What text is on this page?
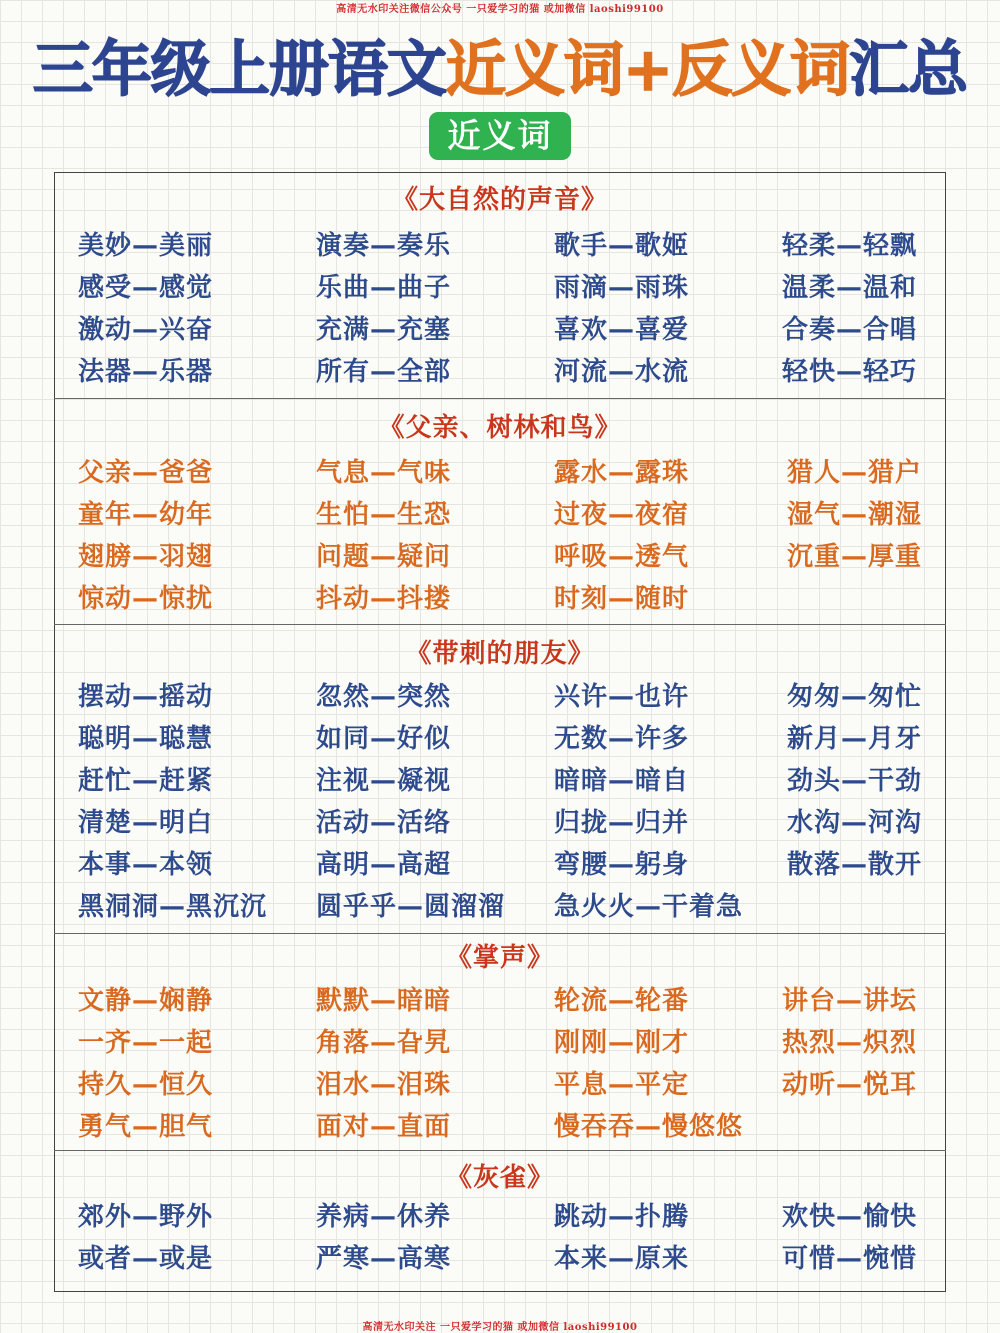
高清无水印关注微信公众号 一只爱学习的猫 或加微信 laoshi99100
三年级上册语文近义词+反义词汇总
近义词
《大自然的声音》
美妙—美丽	演奏—奏乐	歌手—歌姬	轻柔—轻飘
感受—感觉	乐曲—曲子	雨滴—雨珠	温柔—温和
激动—兴奋	充满—充塞	喜欢—喜爱	合奏—合唱
法器—乐器	所有—全部	河流—水流	轻快—轻巧
《父亲、树林和鸟》
父亲—爸爸	气息—气味	露水—露珠	猎人—猎户
童年—幼年	生怕—生恐	过夜—夜宿	湿气—潮湿
翅膀—羽翅	问题—疑问	呼吸—透气	沉重—厚重
惊动—惊扰	抖动—抖搂	时刻—随时
《带刺的朋友》
摆动—摇动	忽然—突然	兴许—也许	匆匆—匆忙
聪明—聪慧	如同—好似	无数—许多	新月—月牙
赶忙—赶紧	注视—凝视	暗暗—暗自	劲头—干劲
清楚—明白	活动—活络	归拢—归并	水沟—河沟
本事—本领	高明—高超	弯腰—躬身	散落—散开
黑洞洞—黑沉沉 圆乎乎—圆溜溜 急火火—干着急
《掌声》
文静—娴静	默默—暗暗	轮流—轮番	讲台—讲坛
一齐—一起	角落—旮旯	刚刚—刚才	热烈—炽烈
持久—恒久	泪水—泪珠	平息—平定	动听—悦耳
勇气—胆气	面对—直面	慢吞吞—慢悠悠
《灰雀》
郊外—野外	养病—休养	跳动—扑腾	欢快—愉快
或者—或是	严寒—高寒	本来—原来	可惜—惋惜
高清无水印关注 一只爱学习的猫 或加微信 laoshi99100
